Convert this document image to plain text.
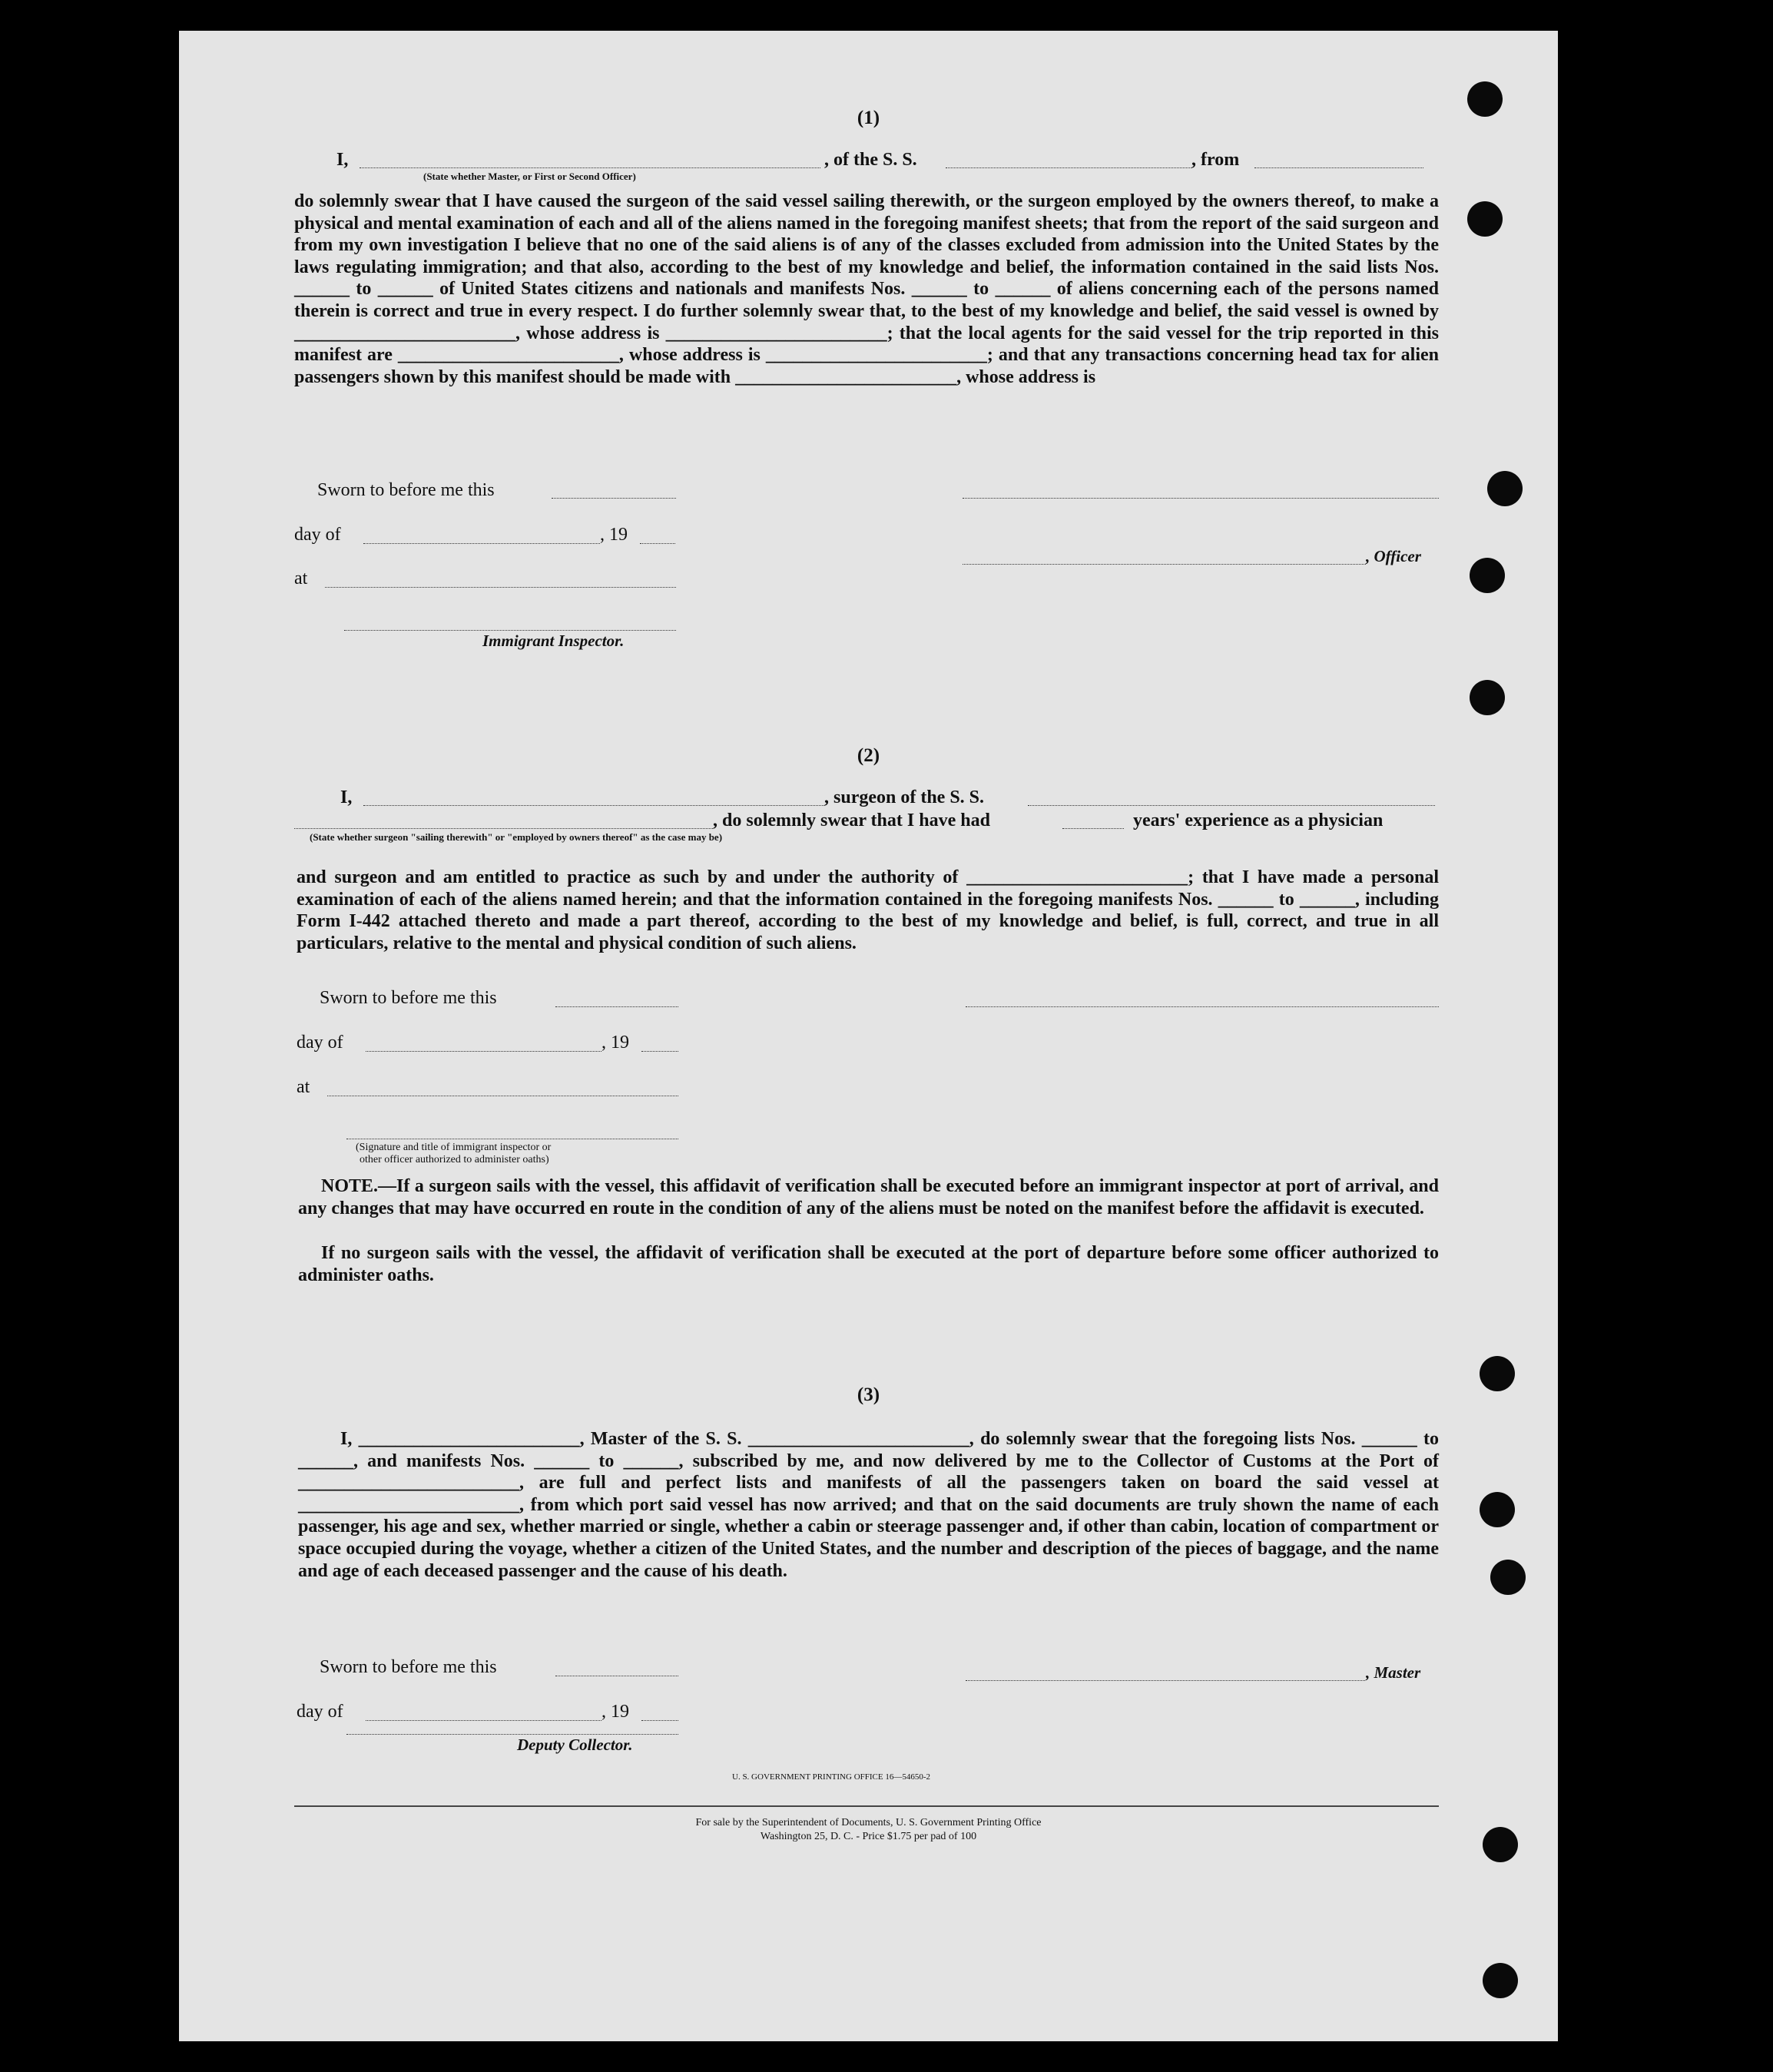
(1)
I,	, of the S. S.	, from
(State whether Master, or First or Second Officer)
do solemnly swear that I have caused the surgeon of the said vessel sailing therewith, or the surgeon employed by the owners thereof, to make a physical and mental examination of each and all of the aliens named in the foregoing manifest sheets; that from the report of the said surgeon and from my own investigation I believe that no one of the said aliens is of any of the classes excluded from admission into the United States by the laws regulating immigration; and that also, according to the best of my knowledge and belief, the information contained in the said lists Nos. ______ to ______ of United States citizens and nationals and manifests Nos. ______ to ______ of aliens concerning each of the persons named therein is correct and true in every respect. I do further solemnly swear that, to the best of my knowledge and belief, the said vessel is owned by ________________________, whose address is ________________________; that the local agents for the said vessel for the trip reported in this manifest are ________________________, whose address is ________________________; and that any transactions concerning head tax for alien passengers shown by this manifest should be made with ________________________, whose address is
Sworn to before me this
day of	, 19
, Officer
at
Immigrant Inspector.
(2)
I,	, surgeon of the S. S.
, do solemnly swear that I have had	years' experience as a physician
(State whether surgeon "sailing therewith" or "employed by owners thereof" as the case may be)
and surgeon and am entitled to practice as such by and under the authority of ________________________; that I have made a personal examination of each of the aliens named herein; and that the information contained in the foregoing manifests Nos. ______ to ______, including Form I-442 attached thereto and made a part thereof, according to the best of my knowledge and belief, is full, correct, and true in all particulars, relative to the mental and physical condition of such aliens.
Sworn to before me this
day of	, 19
at
(Signature and title of immigrant inspector or
other officer authorized to administer oaths)
NOTE.—If a surgeon sails with the vessel, this affidavit of verification shall be executed before an immigrant inspector at port of arrival, and any changes that may have occurred en route in the condition of any of the aliens must be noted on the manifest before the affidavit is executed.
If no surgeon sails with the vessel, the affidavit of verification shall be executed at the port of departure before some officer authorized to administer oaths.
(3)
I, ________________________, Master of the S. S. ________________________, do solemnly swear that the foregoing lists Nos. ______ to ______, and manifests Nos. ______ to ______, subscribed by me, and now delivered by me to the Collector of Customs at the Port of ________________________, are full and perfect lists and manifests of all the passengers taken on board the said vessel at ________________________, from which port said vessel has now arrived; and that on the said documents are truly shown the name of each passenger, his age and sex, whether married or single, whether a cabin or steerage passenger and, if other than cabin, location of compartment or space occupied during the voyage, whether a citizen of the United States, and the number and description of the pieces of baggage, and the name and age of each deceased passenger and the cause of his death.
Sworn to before me this	, Master
day of	, 19
Deputy Collector.
U. S. GOVERNMENT PRINTING OFFICE 16—54650-2
For sale by the Superintendent of Documents, U. S. Government Printing Office
Washington 25, D. C. - Price $1.75 per pad of 100
